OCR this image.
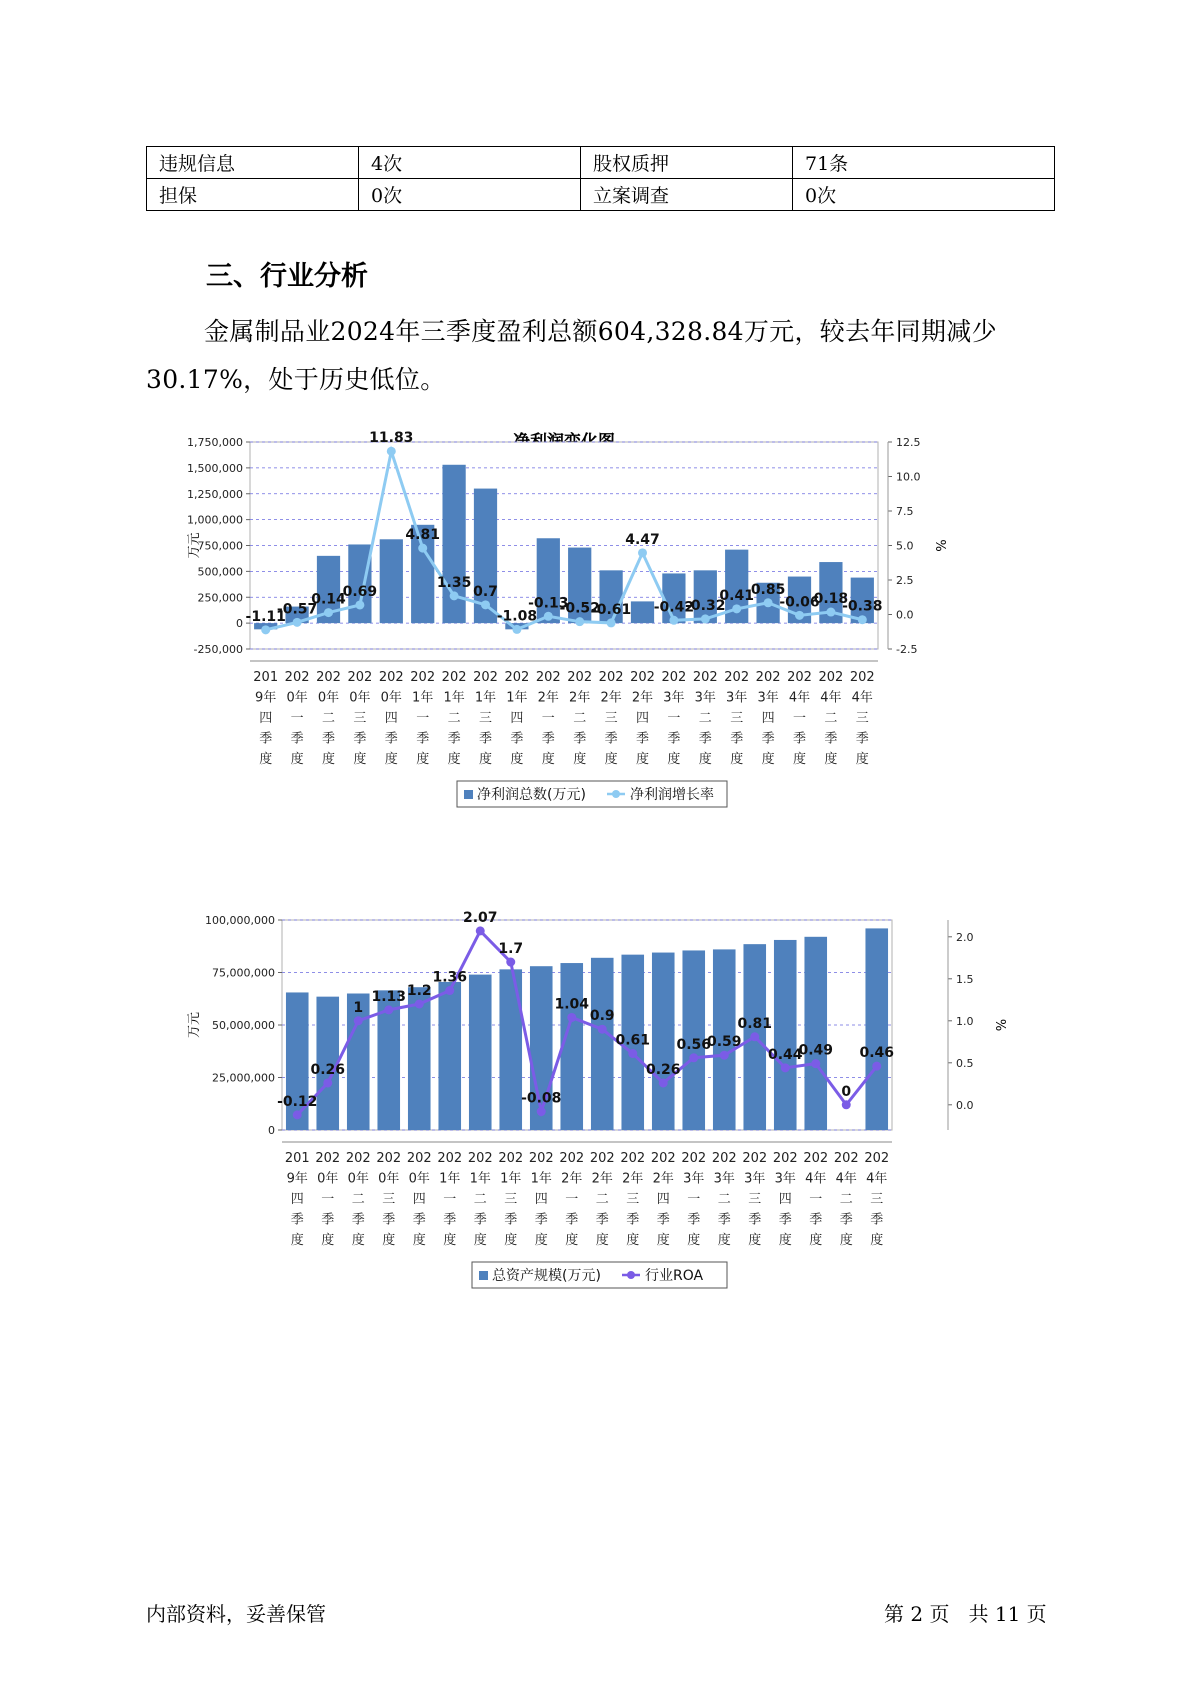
违规信息	4次	股权质押	71条
担保	0次	立案调查	0次
三、行业分析

金属制品业2024年三季度盈利总额604,328.84万元，较去年同期减少30.17%，处于历史低位。

-250,000
0
250,000
500,000
750,000
1,000,000
1,250,000
1,500,000
1,750,000
-2.5
0.0
2.5
5.0
7.5
10.0
12.5
万元	%
-1.11
-0.57
0.14
0.69
11.83
4.81
1.35
0.7
-1.08
-0.13
-0.52
-0.61
4.47
-0.42
-0.32
0.41
0.85
-0.06
0.18
-0.38
201 9年四季度
202 0年一季度
202 0年二季度
202 0年三季度
202 0年四季度
202 1年一季度
202 1年二季度
202 1年三季度
202 1年四季度
202 2年一季度
202 2年二季度
202 2年三季度
202 2年四季度
202 3年一季度
202 3年二季度
202 3年三季度
202 3年四季度
202 4年一季度
202 4年二季度
202 4年三季度
净利润总数(万元)	净利润增长率
0
25,000,000
50,000,000
75,000,000
100,000,000
0.0
0.5
1.0
1.5
2.0
万元	%
-0.12
0.26
1
1.13 1.2
1.36
2.07
1.7
-0.08
1.04
0.9
0.61
0.26
0.56
0.59
0.81
0.44
0.49
0
0.46
201 9年四季度
202 0年一季度
202 0年二季度
202 0年三季度
202 0年四季度
202 1年一季度
202 1年二季度
202 1年三季度
202 1年四季度
202 2年一季度
202 2年二季度
202 2年三季度
202 2年四季度
202 3年一季度
202 3年二季度
202 3年三季度
202 3年四季度
202 4年一季度
202 4年二季度
202 4年三季度
总资产规模(万元)	行业ROA
内部资料，妥善保管	第 2 页   共 11 页
